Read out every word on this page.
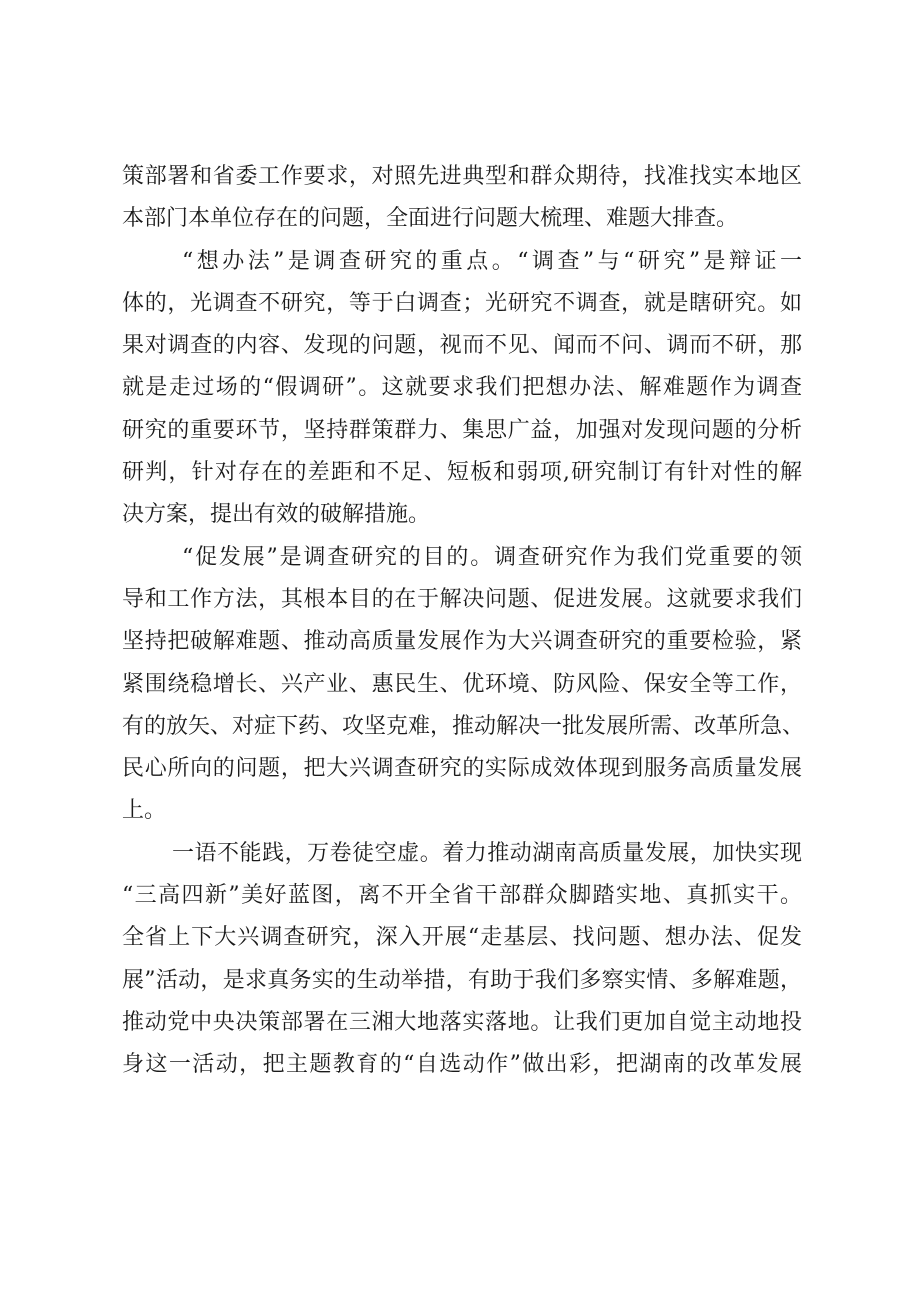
策部署和省委工作要求，对照先进典型和群众期待，找准找实本地区
本部门本单位存在的问题，全面进行问题大梳理、难题大排查。
“想办法”是调查研究的重点。“调查”与“研究”是辩证一
体的，光调查不研究，等于白调查；光研究不调查，就是瞎研究。如
果对调查的内容、发现的问题，视而不见、闻而不问、调而不研，那
就是走过场的“假调研”。这就要求我们把想办法、解难题作为调查
研究的重要环节，坚持群策群力、集思广益，加强对发现问题的分析
研判，针对存在的差距和不足、短板和弱项,研究制订有针对性的解
决方案，提出有效的破解措施。
“促发展”是调查研究的目的。调查研究作为我们党重要的领
导和工作方法，其根本目的在于解决问题、促进发展。这就要求我们
坚持把破解难题、推动高质量发展作为大兴调查研究的重要检验，紧
紧围绕稳增长、兴产业、惠民生、优环境、防风险、保安全等工作，
有的放矢、对症下药、攻坚克难，推动解决一批发展所需、改革所急、
民心所向的问题，把大兴调查研究的实际成效体现到服务高质量发展
上。
一语不能践，万卷徒空虚。着力推动湖南高质量发展，加快实现
“三高四新”美好蓝图，离不开全省干部群众脚踏实地、真抓实干。
全省上下大兴调查研究，深入开展“走基层、找问题、想办法、促发
展”活动，是求真务实的生动举措，有助于我们多察实情、多解难题，
推动党中央决策部署在三湘大地落实落地。让我们更加自觉主动地投
身这一活动，把主题教育的“自选动作”做出彩，把湖南的改革发展
